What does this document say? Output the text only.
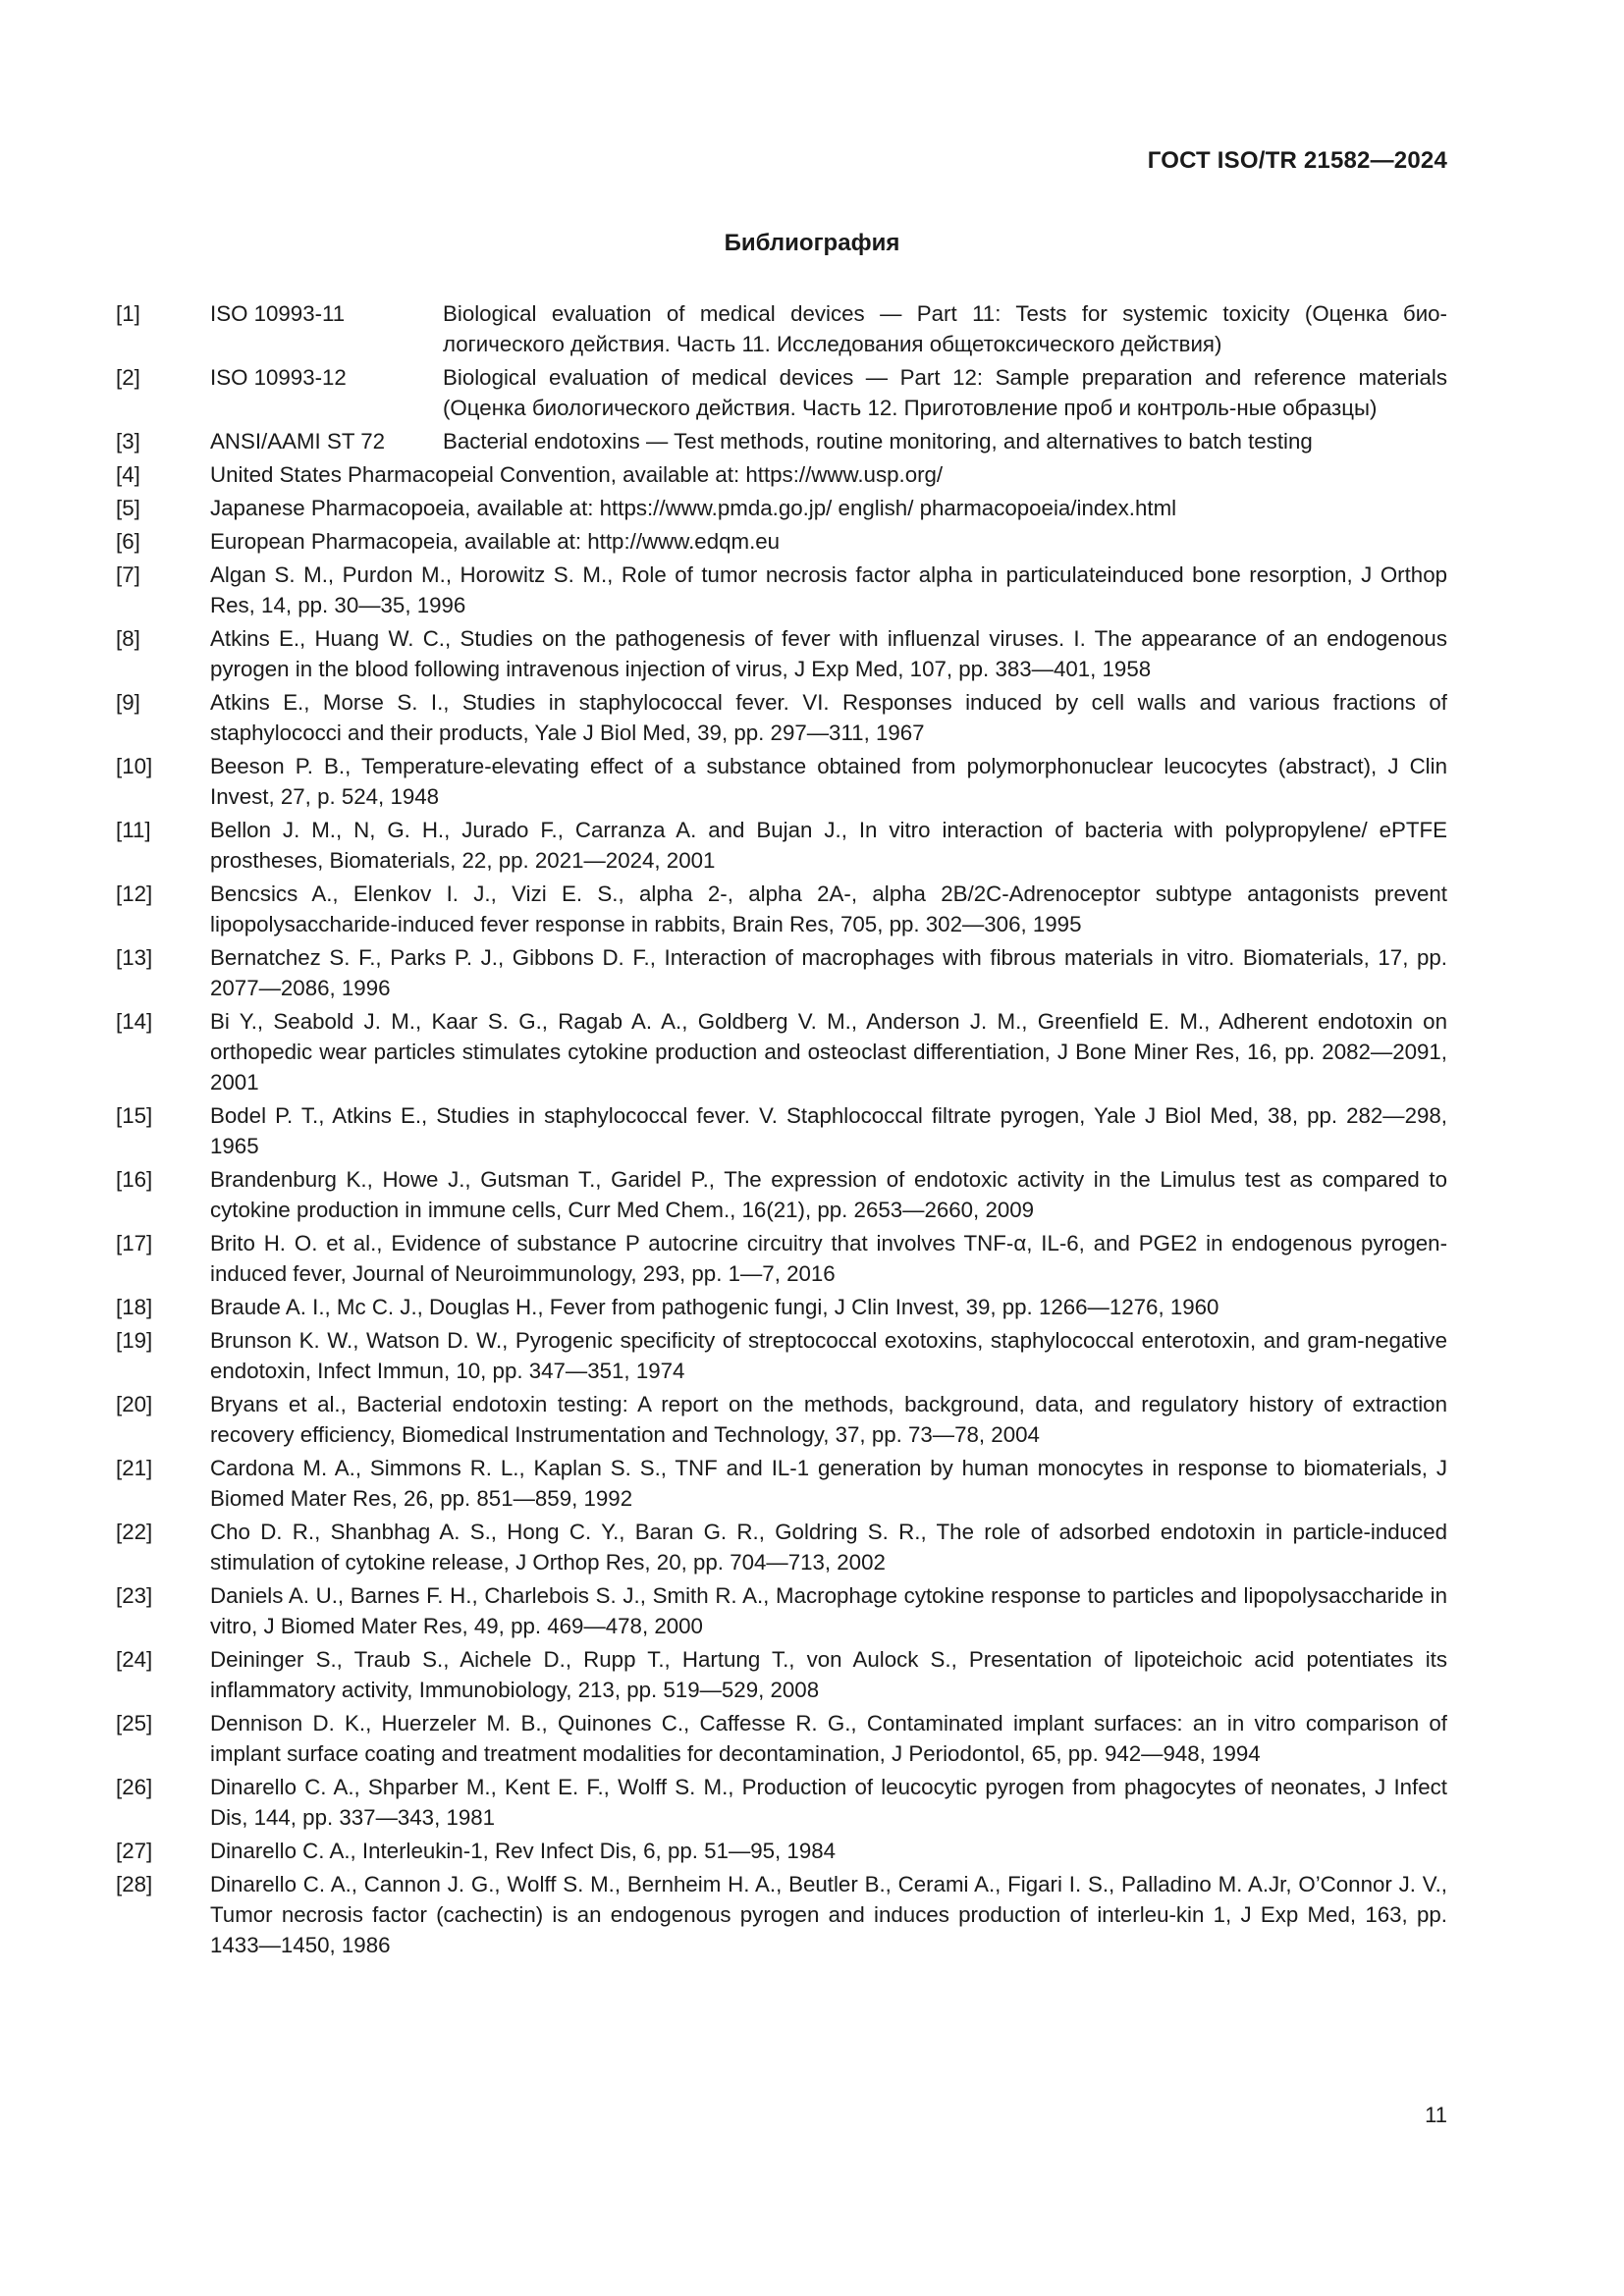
ГОСТ ISO/TR 21582—2024
Библиография
[1]	ISO 10993-11	Biological evaluation of medical devices — Part 11: Tests for systemic toxicity (Оценка био-логического действия. Часть 11. Исследования общетоксического действия)
[2]	ISO 10993-12	Biological evaluation of medical devices — Part 12: Sample preparation and reference materials (Оценка биологического действия. Часть 12. Приготовление проб и контроль-ные образцы)
[3]	ANSI/AAMI ST 72	Bacterial endotoxins — Test methods, routine monitoring, and alternatives to batch testing
[4]	United States Pharmacopeial Convention, available at: https://www.usp.org/
[5]	Japanese Pharmacopoeia, available at: https://www.pmda.go.jp/ english/ pharmacopoeia/index.html
[6]	European Pharmacopeia, available at: http://www.edqm.eu
[7]	Algan S. M., Purdon M., Horowitz S. M., Role of tumor necrosis factor alpha in particulateinduced bone resorption, J Orthop Res, 14, pp. 30—35, 1996
[8]	Atkins E., Huang W. C., Studies on the pathogenesis of fever with influenzal viruses. I. The appearance of an endogenous pyrogen in the blood following intravenous injection of virus, J Exp Med, 107, pp. 383—401, 1958
[9]	Atkins E., Morse S. I., Studies in staphylococcal fever. VI. Responses induced by cell walls and various fractions of staphylococci and their products, Yale J Biol Med, 39, pp. 297—311, 1967
[10]	Beeson P. B., Temperature-elevating effect of a substance obtained from polymorphonuclear leucocytes (abstract), J Clin Invest, 27, p. 524, 1948
[11]	Bellon J. M., N, G. H., Jurado F., Carranza A. and Bujan J., In vitro interaction of bacteria with polypropylene/ ePTFE prostheses, Biomaterials, 22, pp. 2021—2024, 2001
[12]	Bencsics A., Elenkov I. J., Vizi E. S., alpha 2-, alpha 2A-, alpha 2B/2C-Adrenoceptor subtype antagonists prevent lipopolysaccharide-induced fever response in rabbits, Brain Res, 705, pp. 302—306, 1995
[13]	Bernatchez S. F., Parks P. J., Gibbons D. F., Interaction of macrophages with fibrous materials in vitro. Biomaterials, 17, pp. 2077—2086, 1996
[14]	Bi Y., Seabold J. M., Kaar S. G., Ragab A. A., Goldberg V. M., Anderson J. M., Greenfield E. M., Adherent endotoxin on orthopedic wear particles stimulates cytokine production and osteoclast differentiation, J Bone Miner Res, 16, pp. 2082—2091, 2001
[15]	Bodel P. T., Atkins E., Studies in staphylococcal fever. V. Staphlococcal filtrate pyrogen, Yale J Biol Med, 38, pp. 282—298, 1965
[16]	Brandenburg K., Howe J., Gutsman T., Garidel P., The expression of endotoxic activity in the Limulus test as compared to cytokine production in immune cells, Curr Med Chem., 16(21), pp. 2653—2660, 2009
[17]	Brito H. O. et al., Evidence of substance P autocrine circuitry that involves TNF-α, IL-6, and PGE2 in endogenous pyrogen-induced fever, Journal of Neuroimmunology, 293, pp. 1—7, 2016
[18]	Braude A. I., Mc C. J., Douglas H., Fever from pathogenic fungi, J Clin Invest, 39, pp. 1266—1276, 1960
[19]	Brunson K. W., Watson D. W., Pyrogenic specificity of streptococcal exotoxins, staphylococcal enterotoxin, and gram-negative endotoxin, Infect Immun, 10, pp. 347—351, 1974
[20]	Bryans et al., Bacterial endotoxin testing: A report on the methods, background, data, and regulatory history of extraction recovery efficiency, Biomedical Instrumentation and Technology, 37, pp. 73—78, 2004
[21]	Cardona M. A., Simmons R. L., Kaplan S. S., TNF and IL-1 generation by human monocytes in response to biomaterials, J Biomed Mater Res, 26, pp. 851—859, 1992
[22]	Cho D. R., Shanbhag A. S., Hong C. Y., Baran G. R., Goldring S. R., The role of adsorbed endotoxin in particle-induced stimulation of cytokine release, J Orthop Res, 20, pp. 704—713, 2002
[23]	Daniels A. U., Barnes F. H., Charlebois S. J., Smith R. A., Macrophage cytokine response to particles and lipopolysaccharide in vitro, J Biomed Mater Res, 49, pp. 469—478, 2000
[24]	Deininger S., Traub S., Aichele D., Rupp T., Hartung T., von Aulock S., Presentation of lipoteichoic acid potentiates its inflammatory activity, Immunobiology, 213, pp. 519—529, 2008
[25]	Dennison D. K., Huerzeler M. B., Quinones C., Caffesse R. G., Contaminated implant surfaces: an in vitro comparison of implant surface coating and treatment modalities for decontamination, J Periodontol, 65, pp. 942—948, 1994
[26]	Dinarello C. A., Shparber M., Kent E. F., Wolff S. M., Production of leucocytic pyrogen from phagocytes of neonates, J Infect Dis, 144, pp. 337—343, 1981
[27]	Dinarello C. A., Interleukin-1, Rev Infect Dis, 6, pp. 51—95, 1984
[28]	Dinarello C. A., Cannon J. G., Wolff S. M., Bernheim H. A., Beutler B., Cerami A., Figari I. S., Palladino M. A.Jr, O’Connor J. V., Tumor necrosis factor (cachectin) is an endogenous pyrogen and induces production of interleu-kin 1, J Exp Med, 163, pp. 1433—1450, 1986
11
